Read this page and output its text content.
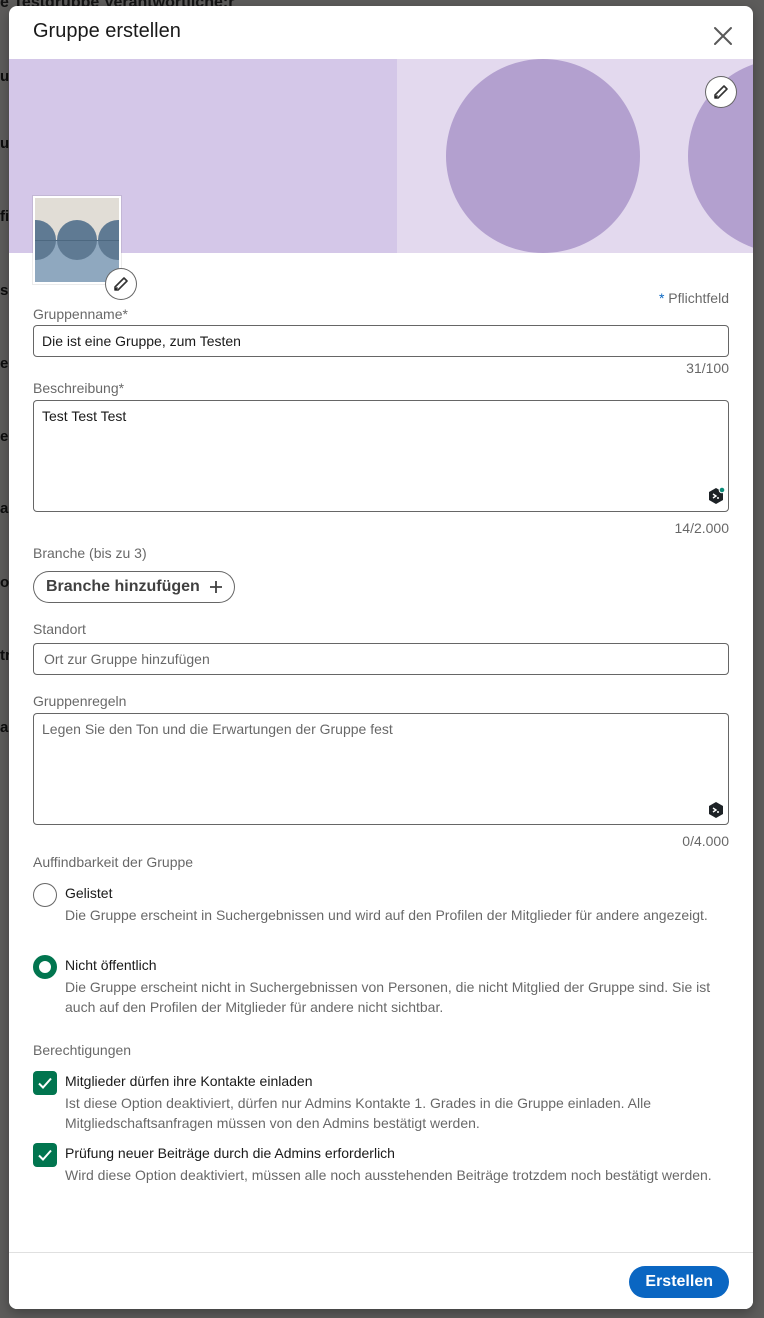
Gruppe erstellen
* Pflichtfeld
Gruppenname*
Die ist eine Gruppe, zum Testen
31/100
Beschreibung*
Test Test Test
14/2.000
Branche (bis zu 3)
Branche hinzufügen
Standort
Ort zur Gruppe hinzufügen
Gruppenregeln
Legen Sie den Ton und die Erwartungen der Gruppe fest
0/4.000
Auffindbarkeit der Gruppe
Gelistet
Die Gruppe erscheint in Suchergebnissen und wird auf den Profilen der Mitglieder für andere angezeigt.
Nicht öffentlich
Die Gruppe erscheint nicht in Suchergebnissen von Personen, die nicht Mitglied der Gruppe sind. Sie ist auch auf den Profilen der Mitglieder für andere nicht sichtbar.
Berechtigungen
Mitglieder dürfen ihre Kontakte einladen
Ist diese Option deaktiviert, dürfen nur Admins Kontakte 1. Grades in die Gruppe einladen. Alle Mitgliedschaftsanfragen müssen von den Admins bestätigt werden.
Prüfung neuer Beiträge durch die Admins erforderlich
Wird diese Option deaktiviert, müssen alle noch ausstehenden Beiträge trotzdem noch bestätigt werden.
Erstellen
